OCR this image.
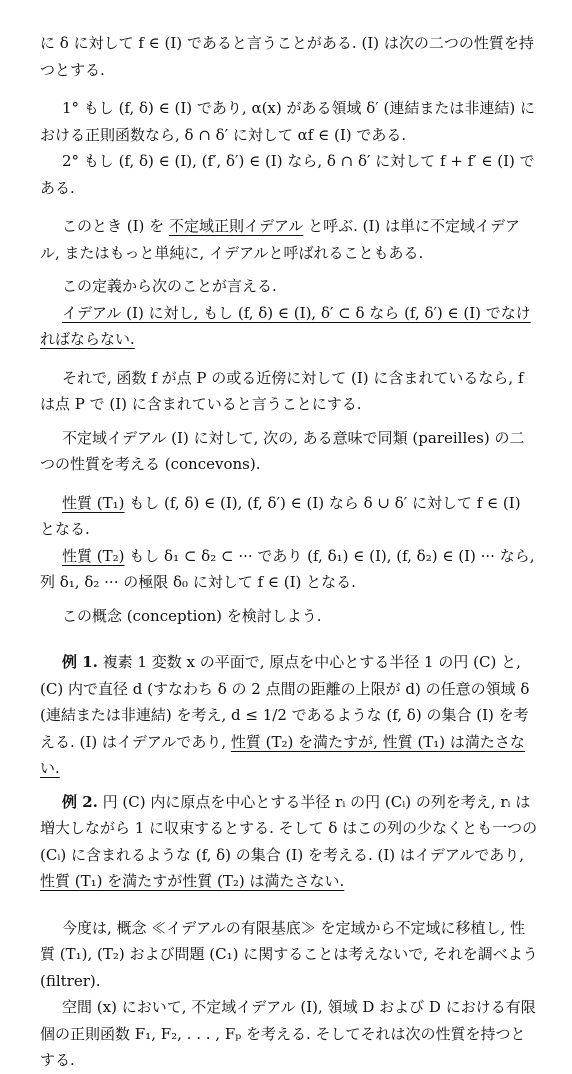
に δ に対して f ∈ (I) であると言うことがある. (I) は次の二つの性質を持つとする.

1° もし (f, δ) ∈ (I) であり, α(x) がある領域 δ′ (連結または非連結) における正則函数なら, δ ∩ δ′ に対して αf ∈ (I) である.

2° もし (f, δ) ∈ (I), (f′, δ′) ∈ (I) なら, δ ∩ δ′ に対して f + f′ ∈ (I) である.

このとき (I) を 不定域正則イデアル と呼ぶ. (I) は単に不定域イデアル, またはもっと単純に, イデアルと呼ばれることもある.

この定義から次のことが言える.

イデアル (I) に対し, もし (f, δ) ∈ (I), δ′ ⊂ δ なら (f, δ′) ∈ (I) でなければならない.

それで, 函数 f が点 P の或る近傍に対して (I) に含まれているなら, f は点 P で (I) に含まれていると言うことにする.

不定域イデアル (I) に対して, 次の, ある意味で同類 (pareilles) の二つの性質を考える (concevons).

性質 (T₁) もし (f, δ) ∈ (I), (f, δ′) ∈ (I) なら δ ∪ δ′ に対して f ∈ (I) となる.

性質 (T₂) もし δ₁ ⊂ δ₂ ⊂ ··· であり (f, δ₁) ∈ (I), (f, δ₂) ∈ (I) ··· なら, 列 δ₁, δ₂ ··· の極限 δ₀ に対して f ∈ (I) となる.

この概念 (conception) を検討しよう.

例 1. 複素 1 変数 x の平面で, 原点を中心とする半径 1 の円 (C) と, (C) 内で直径 d (すなわち δ の 2 点間の距離の上限が d) の任意の領域 δ (連結または非連結) を考え, d ≤ 1/2 であるような (f, δ) の集合 (I) を考える. (I) はイデアルであり, 性質 (T₂) を満たすが, 性質 (T₁) は満たさない.

例 2. 円 (C) 内に原点を中心とする半径 rᵢ の円 (Cᵢ) の列を考え, rᵢ は増大しながら 1 に収束するとする. そして δ はこの列の少なくとも一つの (Cᵢ) に含まれるような (f, δ) の集合 (I) を考える. (I) はイデアルであり, 性質 (T₁) を満たすが性質 (T₂) は満たさない.

今度は, 概念 ≪イデアルの有限基底≫ を定域から不定域に移植し, 性質 (T₁), (T₂) および問題 (C₁) に関することは考えないで, それを調べよう (filtrer).

空間 (x) において, 不定域イデアル (I), 領域 D および D における有限個の正則函数 F₁, F₂, . . . , Fₚ を考える. そしてそれは次の性質を持つとする.
